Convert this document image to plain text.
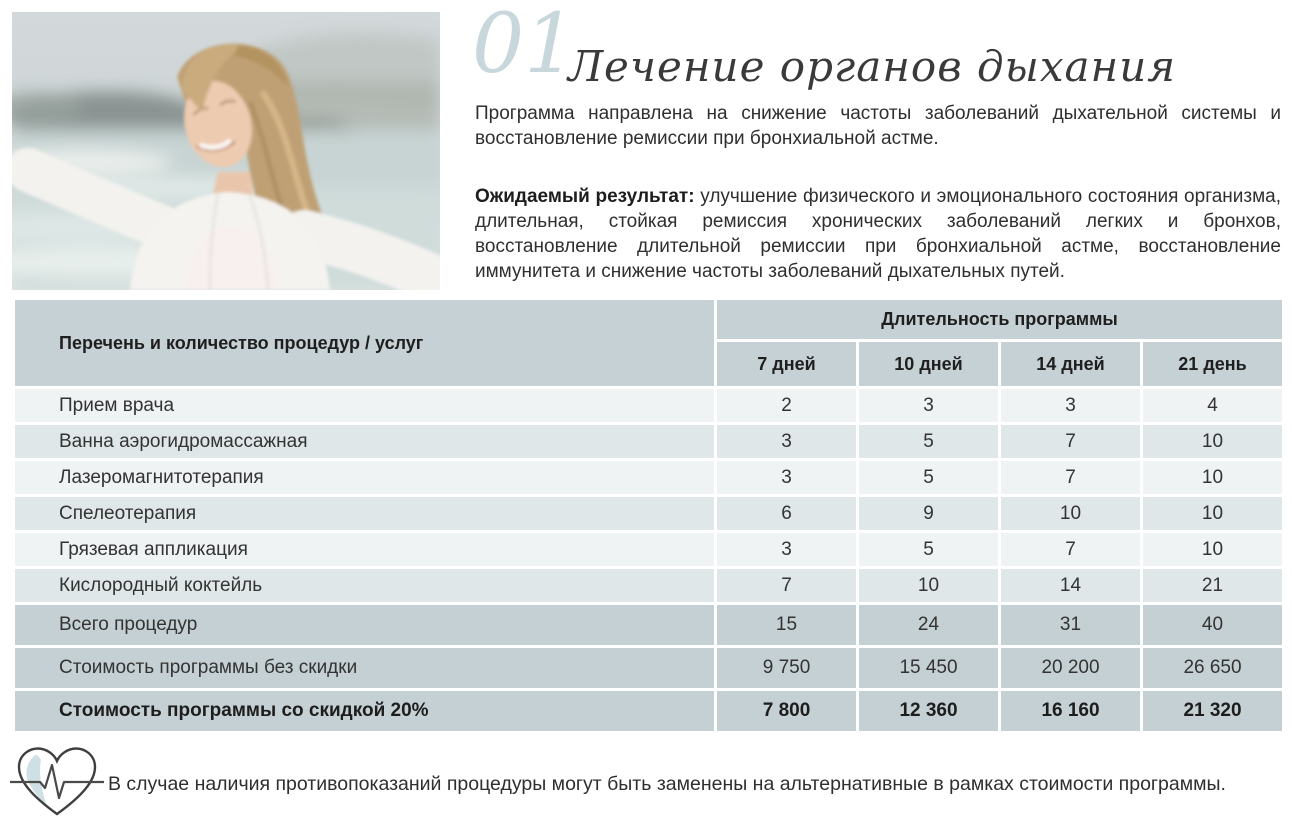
01
Лечение органов дыхания

Программа направлена на снижение частоты заболеваний дыхательной системы и восстановление ремиссии при бронхиальной астме.

Ожидаемый результат: улучшение физического и эмоционального состояния организма, длительная, стойкая ремиссия хронических заболеваний легких и бронхов, восстановление длительной ремиссии при бронхиальной астме, восстановление иммунитета и снижение частоты заболеваний дыхательных путей.

Перечень и количество процедур / услуг
Длительность программы
7 дней	10 дней	14 дней	21 день
Прием врача	2	3	3	4
Ванна аэрогидромассажная	3	5	7	10
Лазеромагнитотерапия	3	5	7	10
Спелеотерапия	6	9	10	10
Грязевая аппликация	3	5	7	10
Кислородный коктейль	7	10	14	21
Всего процедур	15	24	31	40
Стоимость программы без скидки	9 750	15 450	20 200	26 650
Стоимость программы со скидкой 20%	7 800	12 360	16 160	21 320

В случае наличия противопоказаний процедуры могут быть заменены на альтернативные в рамках стоимости программы.
